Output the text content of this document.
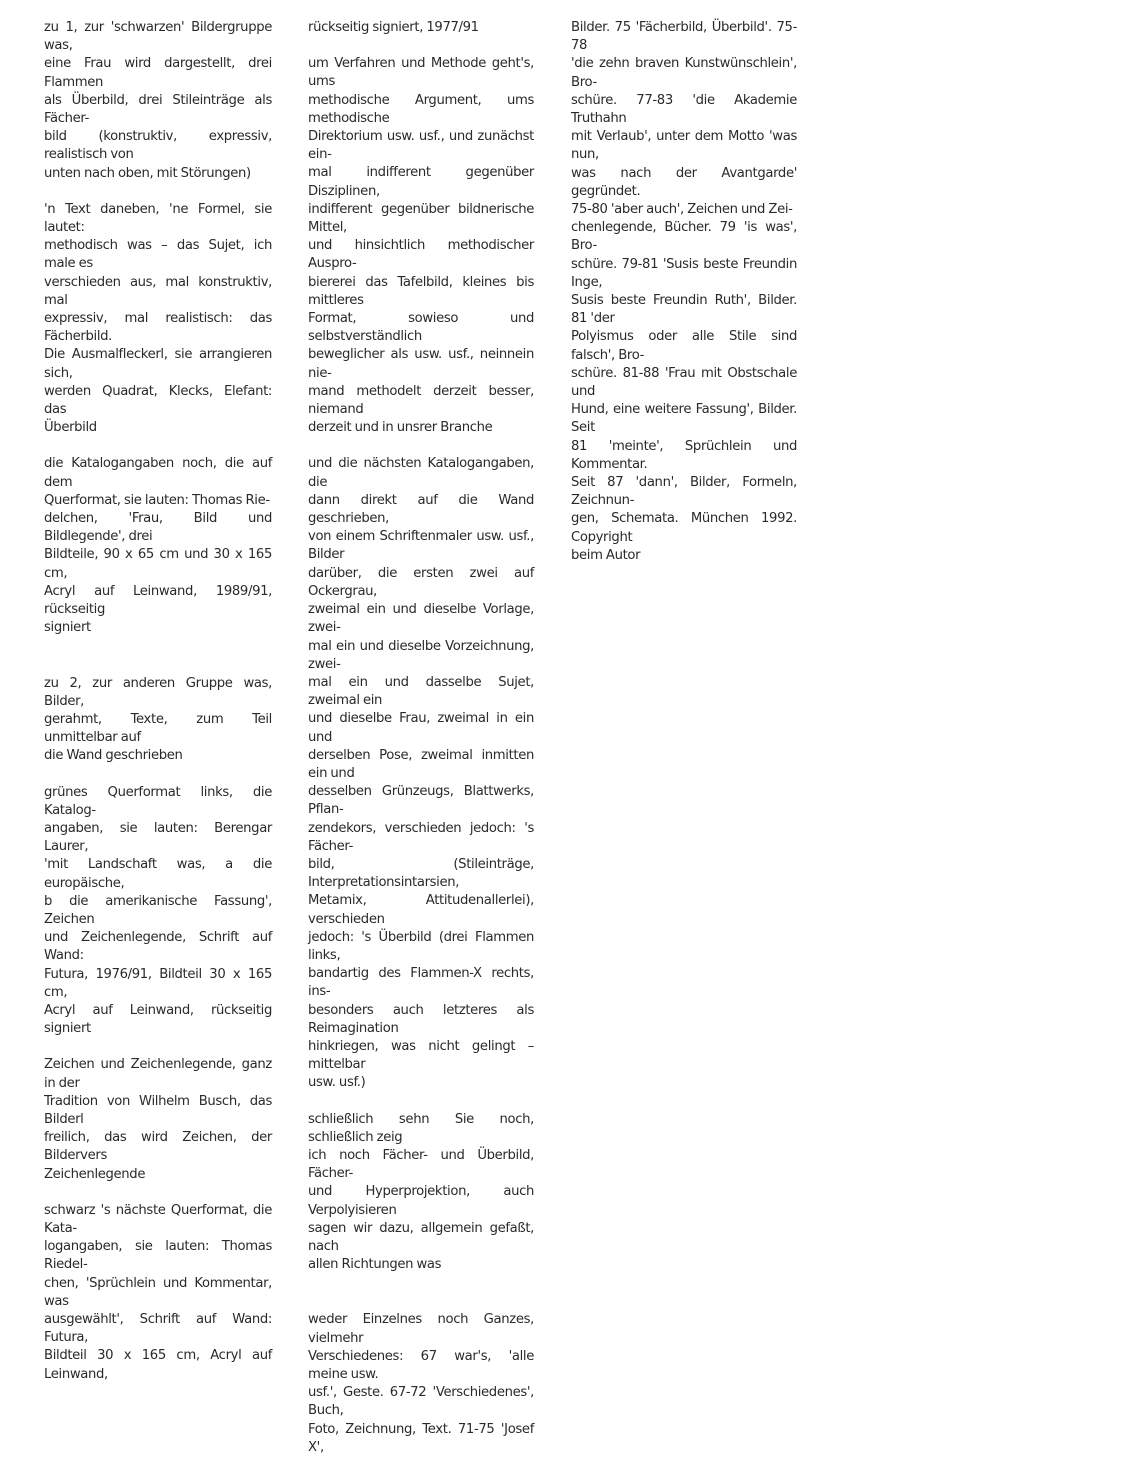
zu 1, zur 'schwarzen' Bildergruppe was,
eine Frau wird dargestellt, drei Flammen
als Überbild, drei Stileinträge als Fächer-
bild (konstruktiv, expressiv, realistisch von
unten nach oben, mit Störungen)

'n Text daneben, 'ne Formel, sie lautet:
methodisch was – das Sujet, ich male es
verschieden aus, mal konstruktiv, mal
expressiv, mal realistisch: das Fächerbild.
Die Ausmalfleckerl, sie arrangieren sich,
werden Quadrat, Klecks, Elefant: das
Überbild

die Katalogangaben noch, die auf dem
Querformat, sie lauten: Thomas Rie-
delchen, 'Frau, Bild und Bildlegende', drei
Bildteile, 90 x 65 cm und 30 x 165 cm,
Acryl auf Leinwand, 1989/91, rückseitig
signiert

zu 2, zur anderen Gruppe was, Bilder,
gerahmt, Texte, zum Teil unmittelbar auf
die Wand geschrieben

grünes Querformat links, die Katalog-
angaben, sie lauten: Berengar Laurer,
'mit Landschaft was, a die europäische,
b die amerikanische Fassung', Zeichen
und Zeichenlegende, Schrift auf Wand:
Futura, 1976/91, Bildteil 30 x 165 cm,
Acryl auf Leinwand, rückseitig signiert

Zeichen und Zeichenlegende, ganz in der
Tradition von Wilhelm Busch, das Bilderl
freilich, das wird Zeichen, der Bildervers
Zeichenlegende

schwarz 's nächste Querformat, die Kata-
logangaben, sie lauten: Thomas Riedel-
chen, 'Sprüchlein und Kommentar, was
ausgewählt', Schrift auf Wand: Futura,
Bildteil 30 x 165 cm, Acryl auf Leinwand,

rückseitig signiert, 1977/91

um Verfahren und Methode geht's, ums
methodische Argument, ums methodische
Direktorium usw. usf., und zunächst ein-
mal indifferent gegenüber Disziplinen,
indifferent gegenüber bildnerische Mittel,
und hinsichtlich methodischer Auspro-
biererei das Tafelbild, kleines bis mittleres
Format, sowieso und selbstverständlich
beweglicher als usw. usf., neinnein nie-
mand methodelt derzeit besser, niemand
derzeit und in unsrer Branche

und die nächsten Katalogangaben, die
dann direkt auf die Wand geschrieben,
von einem Schriftenmaler usw. usf., Bilder
darüber, die ersten zwei auf Ockergrau,
zweimal ein und dieselbe Vorlage, zwei-
mal ein und dieselbe Vorzeichnung, zwei-
mal ein und dasselbe Sujet, zweimal ein
und dieselbe Frau, zweimal in ein und
derselben Pose, zweimal inmitten ein und
desselben Grünzeugs, Blattwerks, Pflan-
zendekors, verschieden jedoch: 's Fächer-
bild, (Stileinträge, Interpretationsintarsien,
Metamix, Attitudenallerlei), verschieden
jedoch: 's Überbild (drei Flammen links,
bandartig des Flammen-X rechts, ins-
besonders auch letzteres als Reimagination
hinkriegen, was nicht gelingt – mittelbar
usw. usf.)

schließlich sehn Sie noch, schließlich zeig
ich noch Fächer- und Überbild, Fächer-
und Hyperprojektion, auch Verpolyisieren
sagen wir dazu, allgemein gefaßt, nach
allen Richtungen was

weder Einzelnes noch Ganzes, vielmehr
Verschiedenes: 67 war's, 'alle meine usw.
usf.', Geste. 67-72 'Verschiedenes', Buch,
Foto, Zeichnung, Text. 71-75 'Josef X',

Bilder. 75 'Fächerbild, Überbild'. 75-78
'die zehn braven Kunstwünschlein', Bro-
schüre. 77-83 'die Akademie Truthahn
mit Verlaub', unter dem Motto 'was nun,
was nach der Avantgarde' gegründet.
75-80 'aber auch', Zeichen und Zei-
chenlegende, Bücher. 79 'is was', Bro-
schüre. 79-81 'Susis beste Freundin Inge,
Susis beste Freundin Ruth', Bilder. 81 'der
Polyismus oder alle Stile sind falsch', Bro-
schüre. 81-88 'Frau mit Obstschale und
Hund, eine weitere Fassung', Bilder. Seit
81 'meinte', Sprüchlein und Kommentar.
Seit 87 'dann', Bilder, Formeln, Zeichnun-
gen, Schemata. München 1992. Copyright
beim Autor
